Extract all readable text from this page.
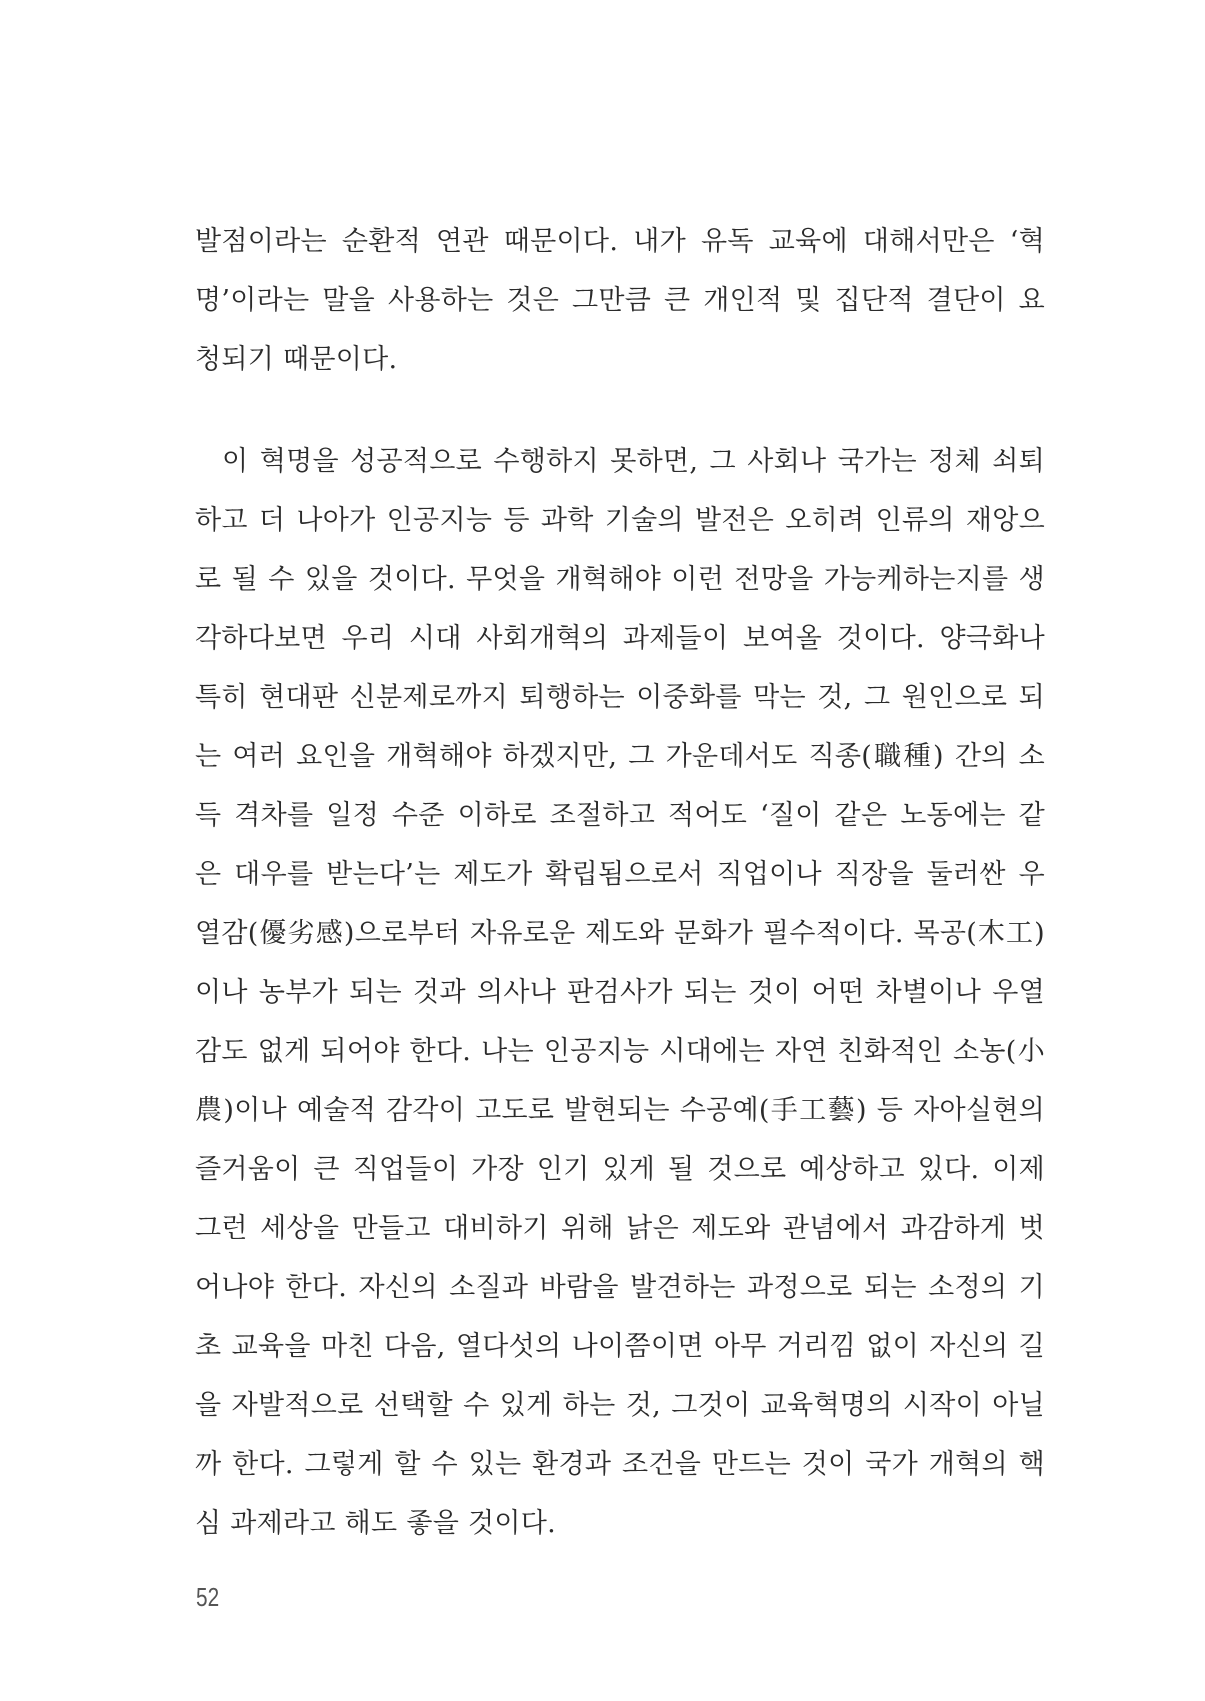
발점이라는 순환적 연관 때문이다. 내가 유독 교육에 대해서만은 ‘혁
명’이라는 말을 사용하는 것은 그만큼 큰 개인적 및 집단적 결단이 요
청되기 때문이다.
이 혁명을 성공적으로 수행하지 못하면, 그 사회나 국가는 정체 쇠퇴
하고 더 나아가 인공지능 등 과학 기술의 발전은 오히려 인류의 재앙으
로 될 수 있을 것이다. 무엇을 개혁해야 이런 전망을 가능케하는지를 생
각하다보면 우리 시대 사회개혁의 과제들이 보여올 것이다. 양극화나
특히 현대판 신분제로까지 퇴행하는 이중화를 막는 것, 그 원인으로 되
는 여러 요인을 개혁해야 하겠지만, 그 가운데서도 직종(職種) 간의 소
득 격차를 일정 수준 이하로 조절하고 적어도 ‘질이 같은 노동에는 같
은 대우를 받는다’는 제도가 확립됨으로서 직업이나 직장을 둘러싼 우
열감(優劣感)으로부터 자유로운 제도와 문화가 필수적이다. 목공(木工)
이나 농부가 되는 것과 의사나 판검사가 되는 것이 어떤 차별이나 우열
감도 없게 되어야 한다. 나는 인공지능 시대에는 자연 친화적인 소농(小
農)이나 예술적 감각이 고도로 발현되는 수공예(手工藝) 등 자아실현의
즐거움이 큰 직업들이 가장 인기 있게 될 것으로 예상하고 있다. 이제
그런 세상을 만들고 대비하기 위해 낡은 제도와 관념에서 과감하게 벗
어나야 한다. 자신의 소질과 바람을 발견하는 과정으로 되는 소정의 기
초 교육을 마친 다음, 열다섯의 나이쯤이면 아무 거리낌 없이 자신의 길
을 자발적으로 선택할 수 있게 하는 것, 그것이 교육혁명의 시작이 아닐
까 한다. 그렇게 할 수 있는 환경과 조건을 만드는 것이 국가 개혁의 핵
심 과제라고 해도 좋을 것이다.
52
